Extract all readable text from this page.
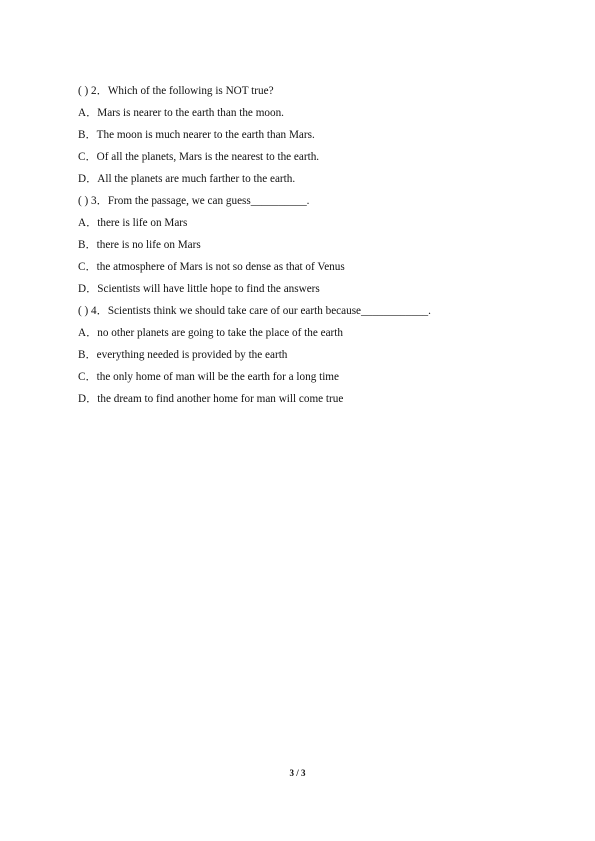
( ) 2．Which of the following is NOT true?
A．Mars is nearer to the earth than the moon.
B．The moon is much nearer to the earth than Mars.
C．Of all the planets, Mars is the nearest to the earth.
D．All the planets are much farther to the earth.
( ) 3．From the passage, we can guess__________.
A．there is life on Mars
B．there is no life on Mars
C．the atmosphere of Mars is not so dense as that of Venus
D．Scientists will have little hope to find the answers
( ) 4．Scientists think we should take care of our earth because____________.
A．no other planets are going to take the place of the earth
B．everything needed is provided by the earth
C．the only home of man will be the earth for a long time
D．the dream to find another home for man will come true
3 / 3
